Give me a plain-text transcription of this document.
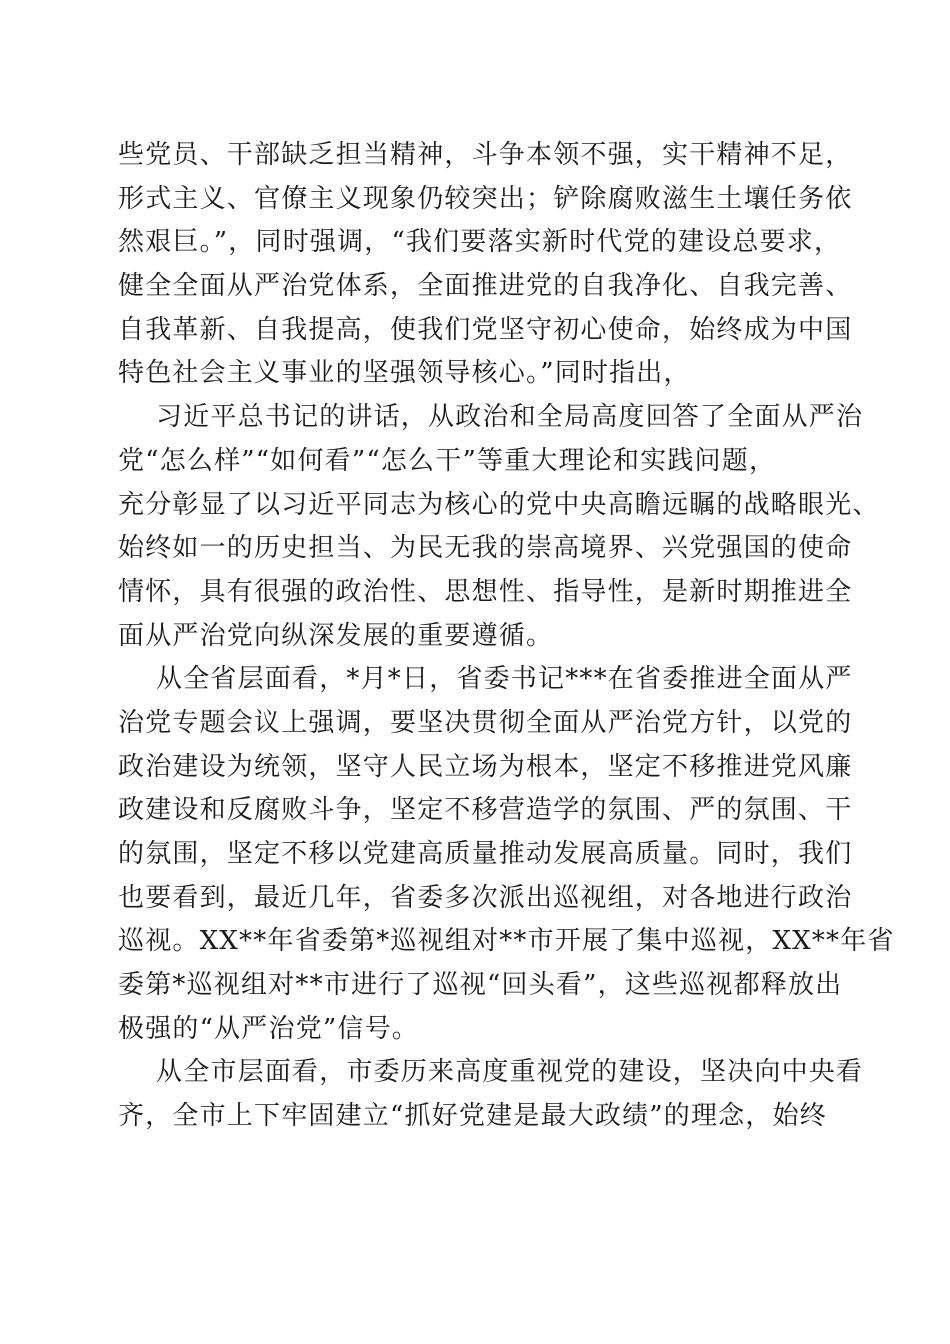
些党员、干部缺乏担当精神，斗争本领不强，实干精神不足，
形式主义、官僚主义现象仍较突出；铲除腐败滋生土壤任务依
然艰巨。”，同时强调，“我们要落实新时代党的建设总要求，
健全全面从严治党体系，全面推进党的自我净化、自我完善、
自我革新、自我提高，使我们党坚守初心使命，始终成为中国
特色社会主义事业的坚强领导核心。”同时指出，
习近平总书记的讲话，从政治和全局高度回答了全面从严治
党“怎么样”“如何看”“怎么干”等重大理论和实践问题，
充分彰显了以习近平同志为核心的党中央高瞻远瞩的战略眼光、
始终如一的历史担当、为民无我的崇高境界、兴党强国的使命
情怀，具有很强的政治性、思想性、指导性，是新时期推进全
面从严治党向纵深发展的重要遵循。
从全省层面看，*月*日，省委书记***在省委推进全面从严
治党专题会议上强调，要坚决贯彻全面从严治党方针，以党的
政治建设为统领，坚守人民立场为根本，坚定不移推进党风廉
政建设和反腐败斗争，坚定不移营造学的氛围、严的氛围、干
的氛围，坚定不移以党建高质量推动发展高质量。同时，我们
也要看到，最近几年，省委多次派出巡视组，对各地进行政治
巡视。XX**年省委第*巡视组对**市开展了集中巡视，XX**年省
委第*巡视组对**市进行了巡视“回头看”，这些巡视都释放出
极强的“从严治党”信号。
从全市层面看，市委历来高度重视党的建设，坚决向中央看
齐，全市上下牢固建立“抓好党建是最大政绩”的理念，始终
